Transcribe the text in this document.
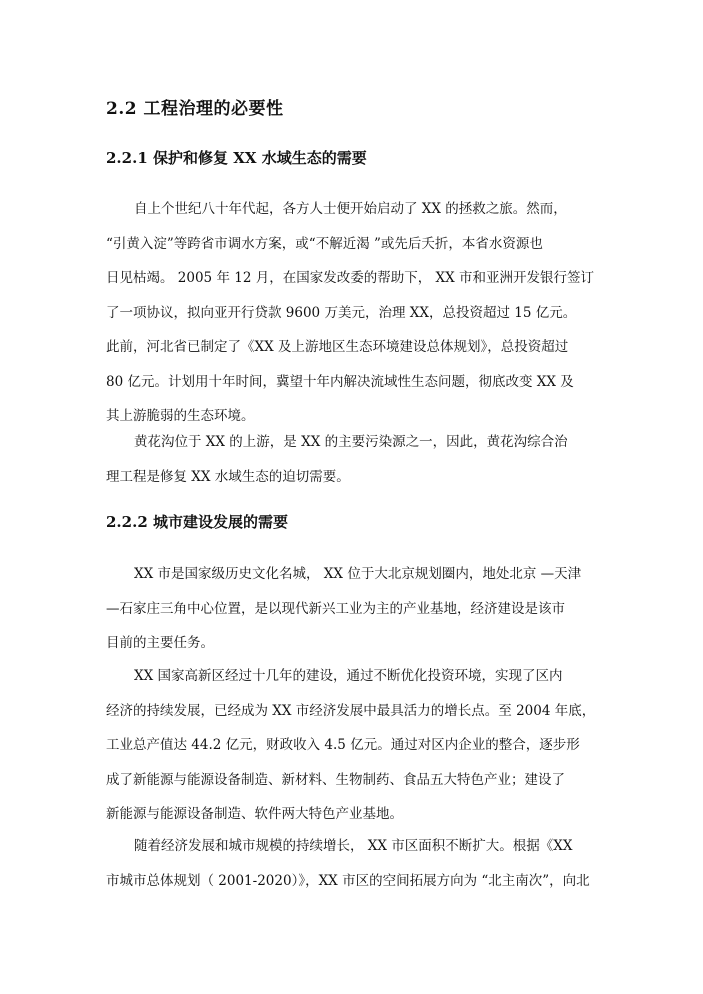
2.2 工程治理的必要性
2.2.1 保护和修复 XX 水域生态的需要
自上个世纪八十年代起，各方人士便开始启动了 XX 的拯救之旅。然而，
“引黄入淀”等跨省市调水方案，或“不解近渴 ”或先后夭折，本省水资源也
日见枯竭。 2005 年 12 月，在国家发改委的帮助下， XX 市和亚洲开发银行签订
了一项协议，拟向亚开行贷款 9600 万美元，治理 XX，总投资超过 15 亿元。
此前，河北省已制定了《XX 及上游地区生态环境建设总体规划》，总投资超过
80 亿元。计划用十年时间，冀望十年内解决流域性生态问题，彻底改变 XX 及
其上游脆弱的生态环境。
黄花沟位于 XX 的上游，是 XX 的主要污染源之一，因此，黄花沟综合治
理工程是修复 XX 水域生态的迫切需要。
2.2.2 城市建设发展的需要
XX 市是国家级历史文化名城， XX 位于大北京规划圈内，地处北京 —天津
—石家庄三角中心位置，是以现代新兴工业为主的产业基地，经济建设是该市
目前的主要任务。
XX 国家高新区经过十几年的建设，通过不断优化投资环境，实现了区内
经济的持续发展，已经成为 XX 市经济发展中最具活力的增长点。至 2004 年底，
工业总产值达 44.2 亿元，财政收入 4.5 亿元。通过对区内企业的整合，逐步形
成了新能源与能源设备制造、新材料、生物制药、食品五大特色产业；建设了
新能源与能源设备制造、软件两大特色产业基地。
随着经济发展和城市规模的持续增长， XX 市区面积不断扩大。根据《XX
市城市总体规划（ 2001-2020）》，XX 市区的空间拓展方向为 “北主南次”，向北
